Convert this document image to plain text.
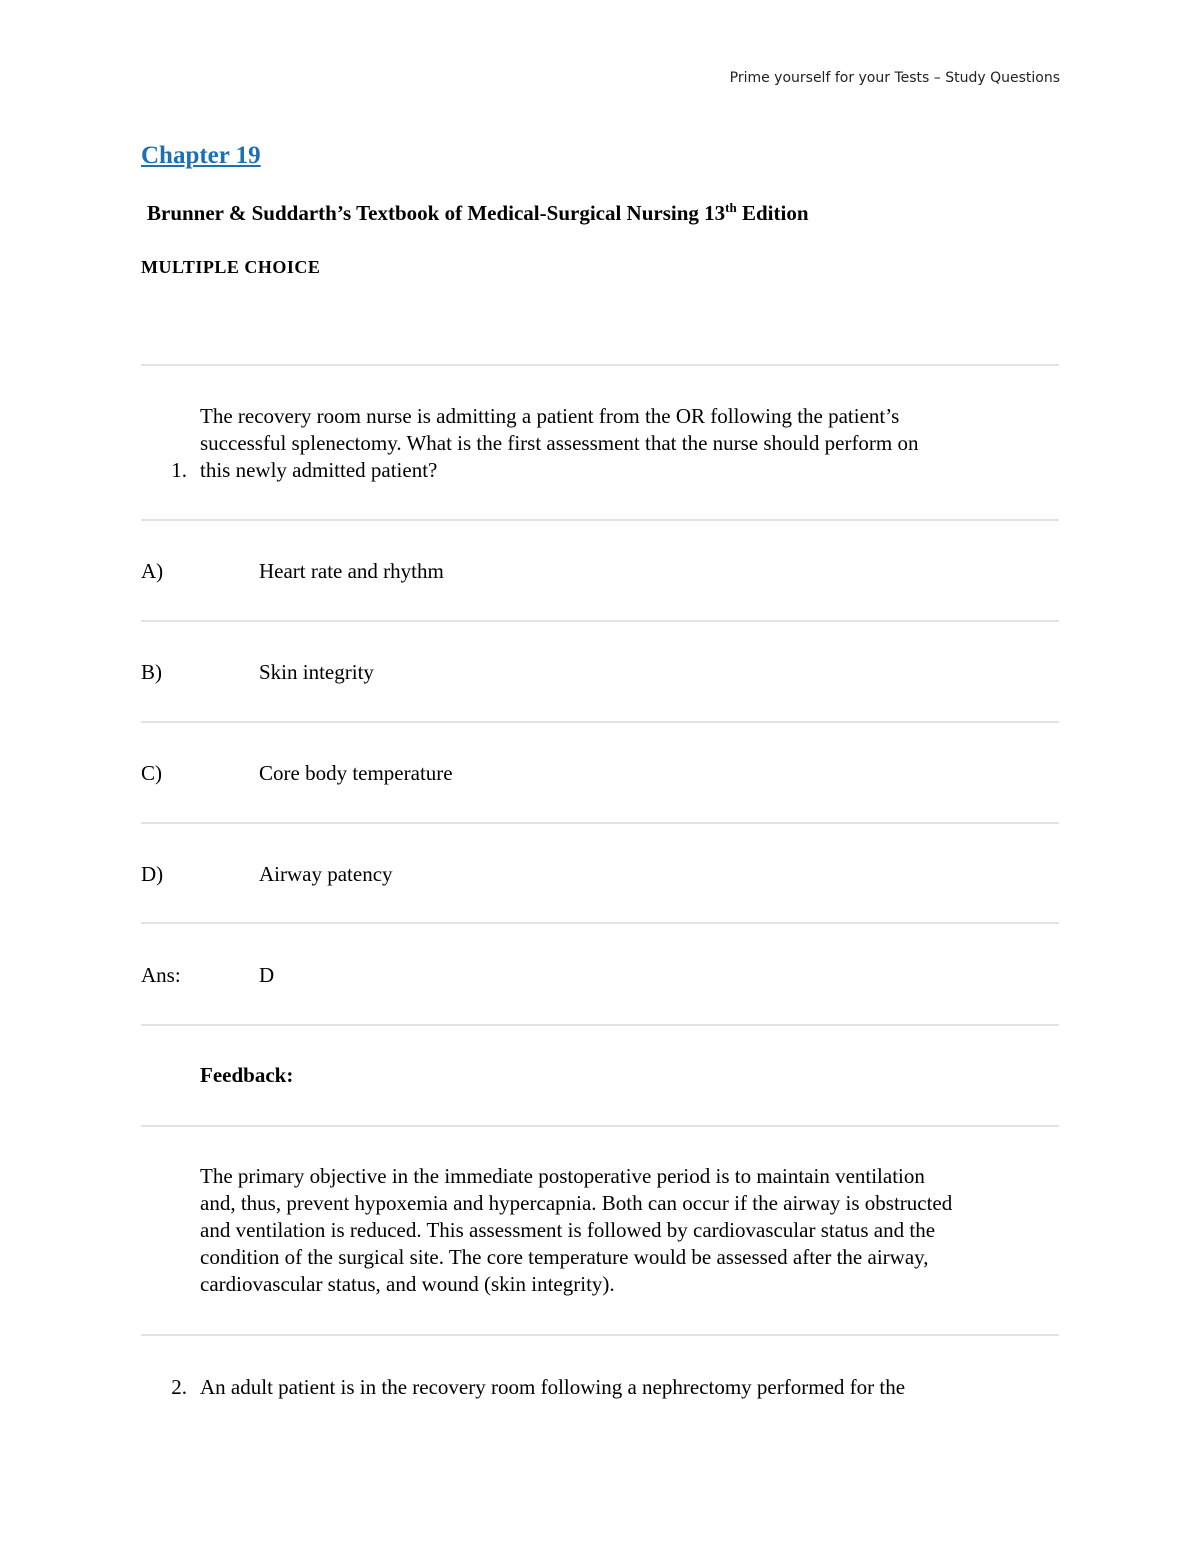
Prime yourself for your Tests – Study Questions
Chapter 19
Brunner & Suddarth’s Textbook of Medical-Surgical Nursing 13th Edition
MULTIPLE CHOICE
The recovery room nurse is admitting a patient from the OR following the patient’s
successful splenectomy. What is the first assessment that the nurse should perform on
this newly admitted patient?
1.
A)	Heart rate and rhythm
B)	Skin integrity
C)	Core body temperature
D)	Airway patency
Ans:	D
Feedback:
The primary objective in the immediate postoperative period is to maintain ventilation
and, thus, prevent hypoxemia and hypercapnia. Both can occur if the airway is obstructed
and ventilation is reduced. This assessment is followed by cardiovascular status and the
condition of the surgical site. The core temperature would be assessed after the airway,
cardiovascular status, and wound (skin integrity).
2. An adult patient is in the recovery room following a nephrectomy performed for the
